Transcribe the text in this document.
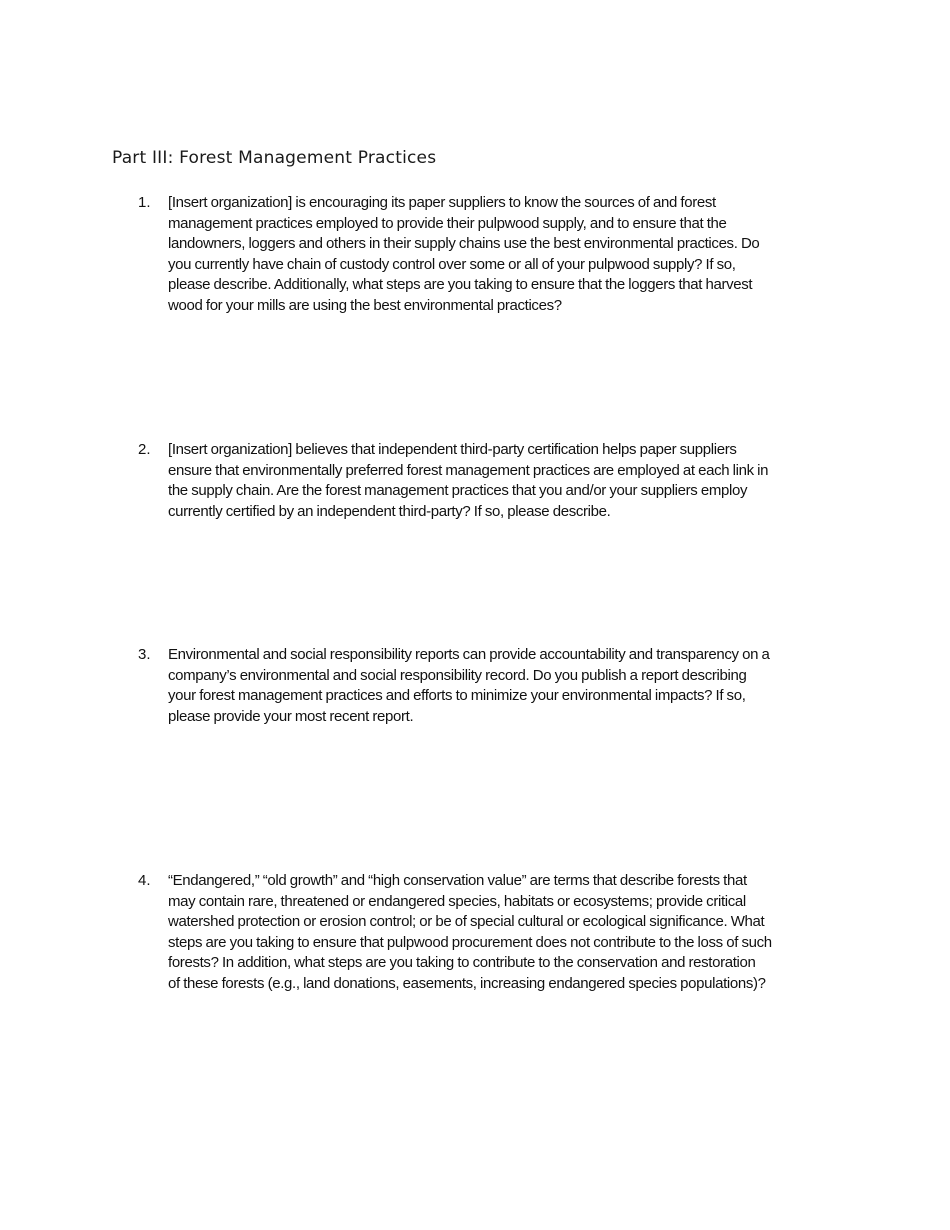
Part III: Forest Management Practices
1. [Insert organization] is encouraging its paper suppliers to know the sources of and forest
management practices employed to provide their pulpwood supply, and to ensure that the
landowners, loggers and others in their supply chains use the best environmental practices. Do
you currently have chain of custody control over some or all of your pulpwood supply? If so,
please describe. Additionally, what steps are you taking to ensure that the loggers that harvest
wood for your mills are using the best environmental practices?

2. [Insert organization] believes that independent third-party certification helps paper suppliers
ensure that environmentally preferred forest management practices are employed at each link in
the supply chain. Are the forest management practices that you and/or your suppliers employ
currently certified by an independent third-party? If so, please describe.

3. Environmental and social responsibility reports can provide accountability and transparency on a
company’s environmental and social responsibility record. Do you publish a report describing
your forest management practices and efforts to minimize your environmental impacts? If so,
please provide your most recent report.

4. “Endangered,” “old growth” and “high conservation value” are terms that describe forests that
may contain rare, threatened or endangered species, habitats or ecosystems; provide critical
watershed protection or erosion control; or be of special cultural or ecological significance. What
steps are you taking to ensure that pulpwood procurement does not contribute to the loss of such
forests? In addition, what steps are you taking to contribute to the conservation and restoration
of these forests (e.g., land donations, easements, increasing endangered species populations)?
